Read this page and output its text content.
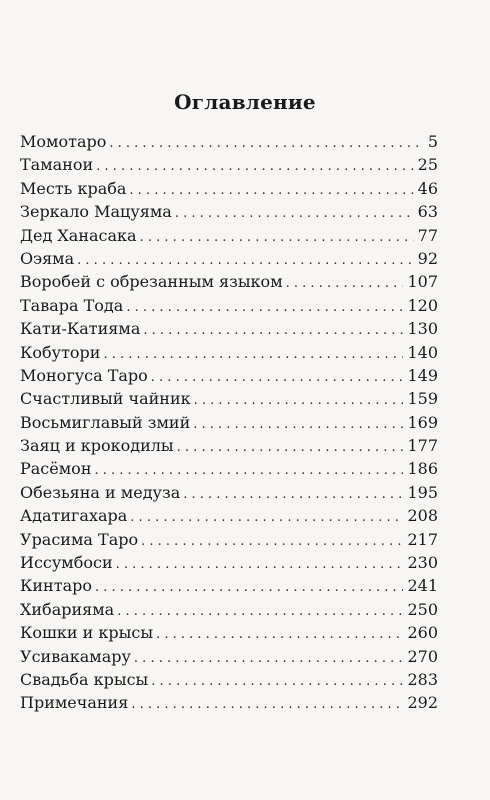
Оглавление
Момотаро . . .	5
Таманои . . .	25
Месть краба . . .	46
Зеркало Мацуяма . . .	63
Дед Ханасака . . .	77
Оэяма . . .	92
Воробей с обрезанным языком . . .	107
Тавара Тода . . .	120
Кати-Катияма . . .	130
Кобутори . . .	140
Моногуса Таро . . .	149
Счастливый чайник . . .	159
Восьмиглавый змий . . .	169
Заяц и крокодилы . . .	177
Расёмон . . .	186
Обезьяна и медуза . . .	195
Адатигахара . . .	208
Урасима Таро . . .	217
Иссумбоси . . .	230
Кинтаро . . .	241
Хибарияма . . .	250
Кошки и крысы . . .	260
Усивакамару . . .	270
Свадьба крысы . . .	283
Примечания . . .	292
